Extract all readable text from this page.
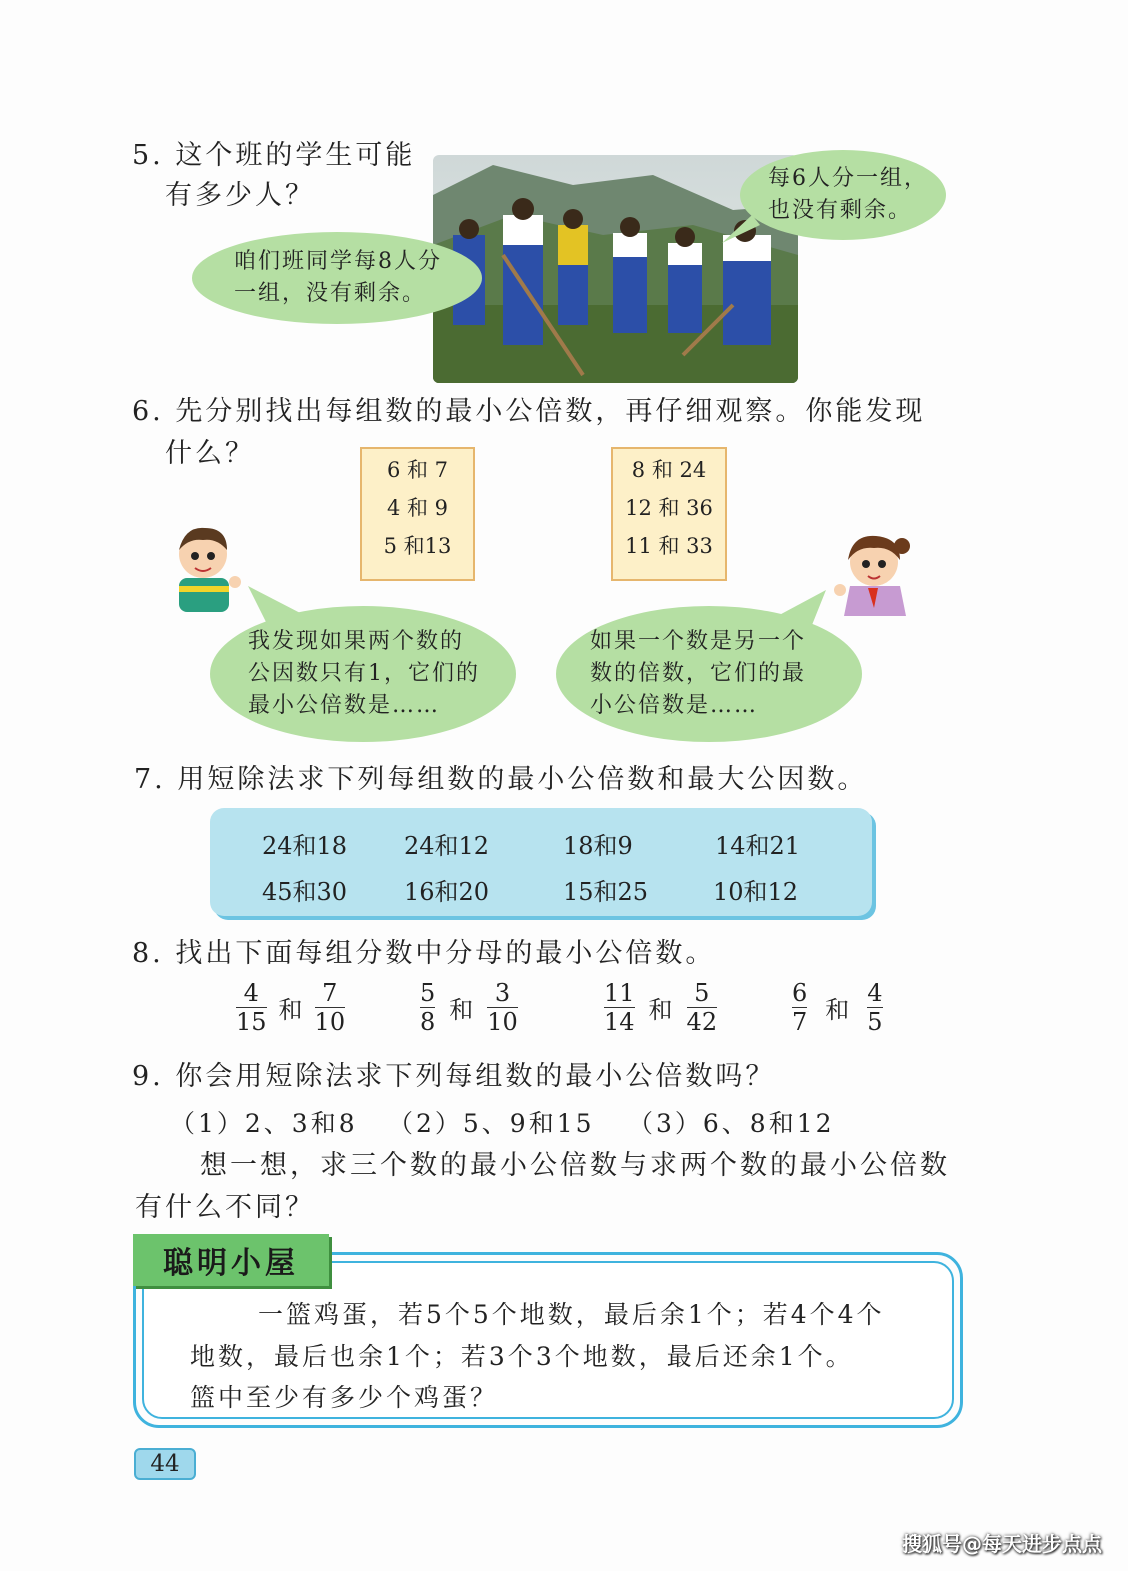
5. 这个班的学生可能
有多少人？
咱们班同学每8人分
一组，没有剩余。
每6人分一组，
也没有剩余。
6. 先分别找出每组数的最小公倍数，再仔细观察。你能发现
什么？
6 和 7
4 和 9
5 和13
8 和 24
12 和 36
11 和 33
我发现如果两个数的
公因数只有1，它们的
最小公倍数是……
如果一个数是另一个
数的倍数，它们的最
小公倍数是……
7. 用短除法求下列每组数的最小公倍数和最大公因数。
24和18 24和12	18和9	14和21
45和30 16和20	15和25	10和12
8. 找出下面每组分数中分母的最小公倍数。
$\frac{4}{15}$ 和 $\frac{7}{10}$	$\frac{5}{8}$ 和 $\frac{3}{10}$	$\frac{11}{14}$ 和 $\frac{5}{42}$	$\frac{6}{7}$ 和 $\frac{4}{5}$
9. 你会用短除法求下列每组数的最小公倍数吗？
（1）2、3和8 （2）5、9和15 （3）6、8和12
想一想，求三个数的最小公倍数与求两个数的最小公倍数
有什么不同？
聪明小屋
一篮鸡蛋，若5个5个地数，最后余1个；若4个4个
地数，最后也余1个；若3个3个地数，最后还余1个。
篮中至少有多少个鸡蛋？
44
搜狐号@每天进步点点
